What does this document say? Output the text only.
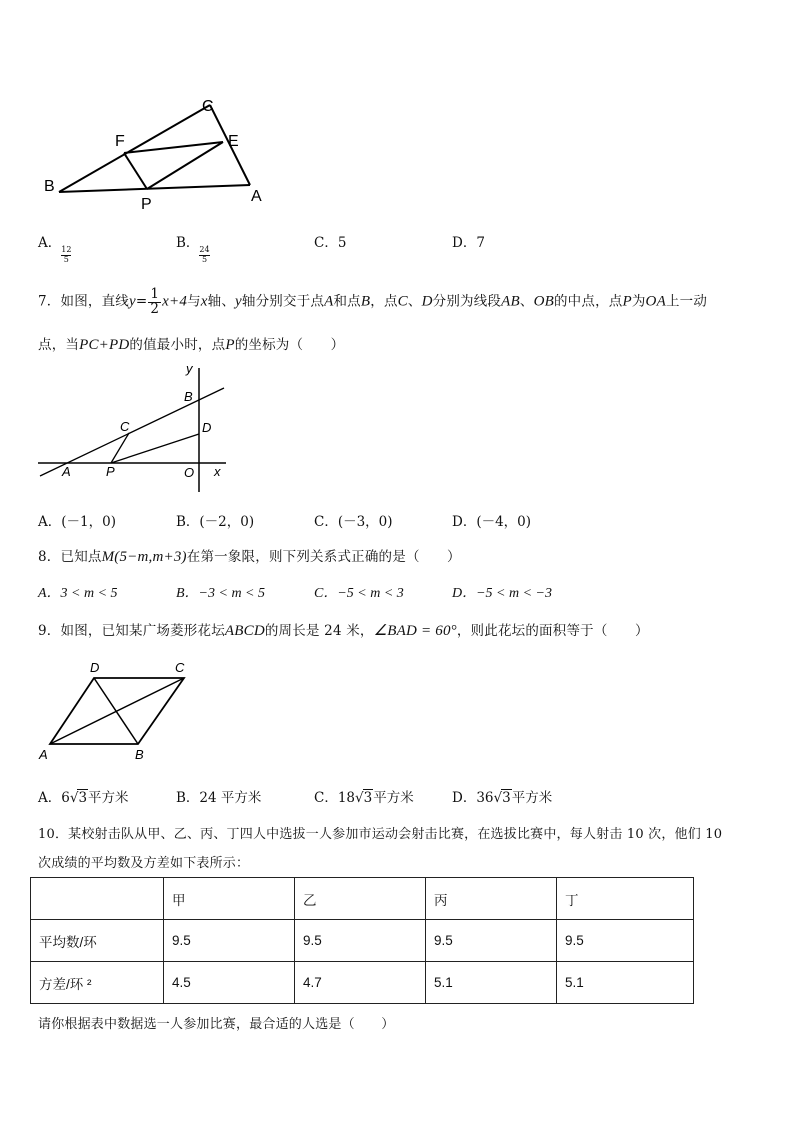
C
F	E
B
P	A
A．
$\frac{12}{5}$
B．
$\frac{24}{5}$
C．5	D．7
7．如图，直线$y= \frac{1}{2} x+4$与x轴、y轴分别交于点A和点B，点C、D分别为线段AB、OB的中点，点P为OA上一动
点，当PC+PD的值最小时，点P的坐标为（　　）
y
B
C	D
A	P	O x
A．(－1，0)	B．(－2，0)	C．(－3，0)	D．(－4，0)
8．已知点M(5−m,m+3)在第一象限，则下列关系式正确的是（　　）
A．3 < m < 5	B．−3 < m < 5	C．−5 < m < 3	D．−5 < m < −3
9．如图，已知某广场菱形花坛ABCD的周长是 24 米，∠BAD = 60°，则此花坛的面积等于（　　）
D	C
A	B
A．6√3平方米	B．24 平方米	C．18√3平方米	D．36√3平方米
10．某校射击队从甲、乙、丙、丁四人中选拔一人参加市运动会射击比赛，在选拔比赛中，每人射击 10 次，他们 10
次成绩的平均数及方差如下表所示：
	甲	乙	丙	丁
平均数/环	9.5	9.5	9.5	9.5
方差/环 ²	4.5	4.7	5.1	5.1
请你根据表中数据选一人参加比赛，最合适的人选是（　　）
